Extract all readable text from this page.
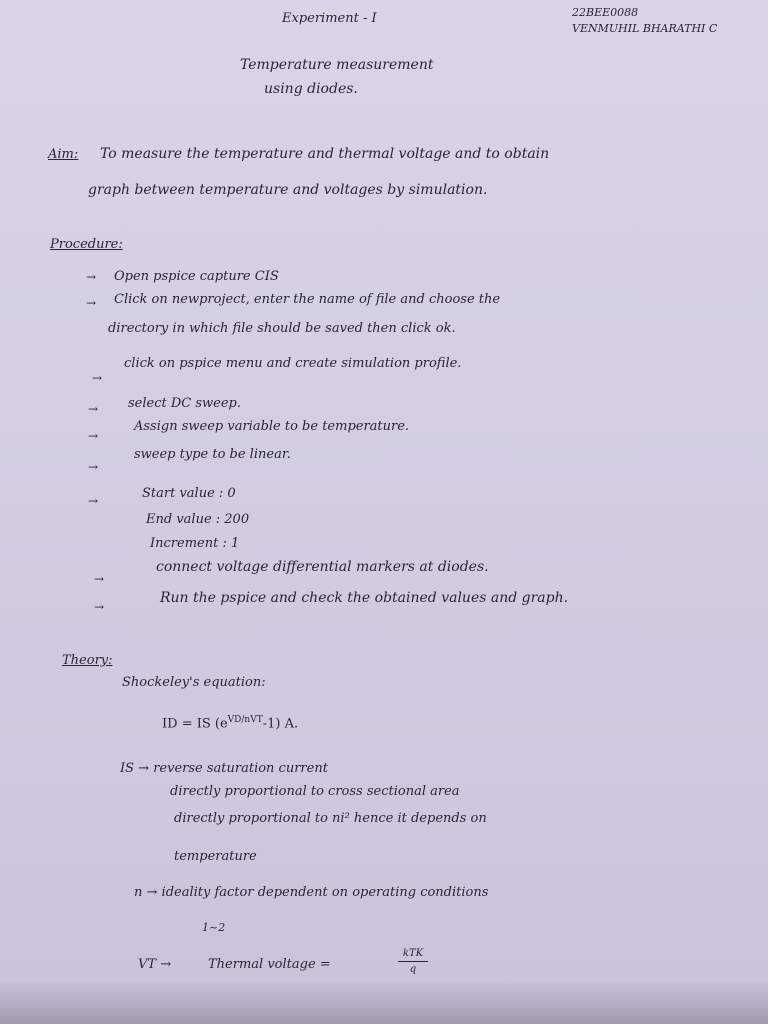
Experiment - I	22BEE0088
VENMUHIL BHARATHI C
Temperature measurement
using diodes.
Aim: To measure the temperature and thermal voltage and to obtain
graph between temperature and voltages by simulation.
Procedure:
→ Open pspice capture CIS
→ Click on newproject, enter the name of file and choose the
directory in which file should be saved then click ok.
→
click on pspice menu and create simulation profile.
→ select DC sweep.
→
Assign sweep variable to be temperature.
→
sweep type to be linear.
→	Start value : 0
End value : 200
Increment : 1
→
connect voltage differential markers at diodes.
→
Run the pspice and check the obtained values and graph.
Theory:
Shockeley's equation:
ID = IS $(e^{VD/nVT}-1)$ A.
IS → reverse saturation current
directly proportional to cross sectional area
directly proportional to ni² hence it depends on
temperature
n → ideality factor dependent on operating conditions
1~2
VT →	Thermal voltage =
kTK
q
